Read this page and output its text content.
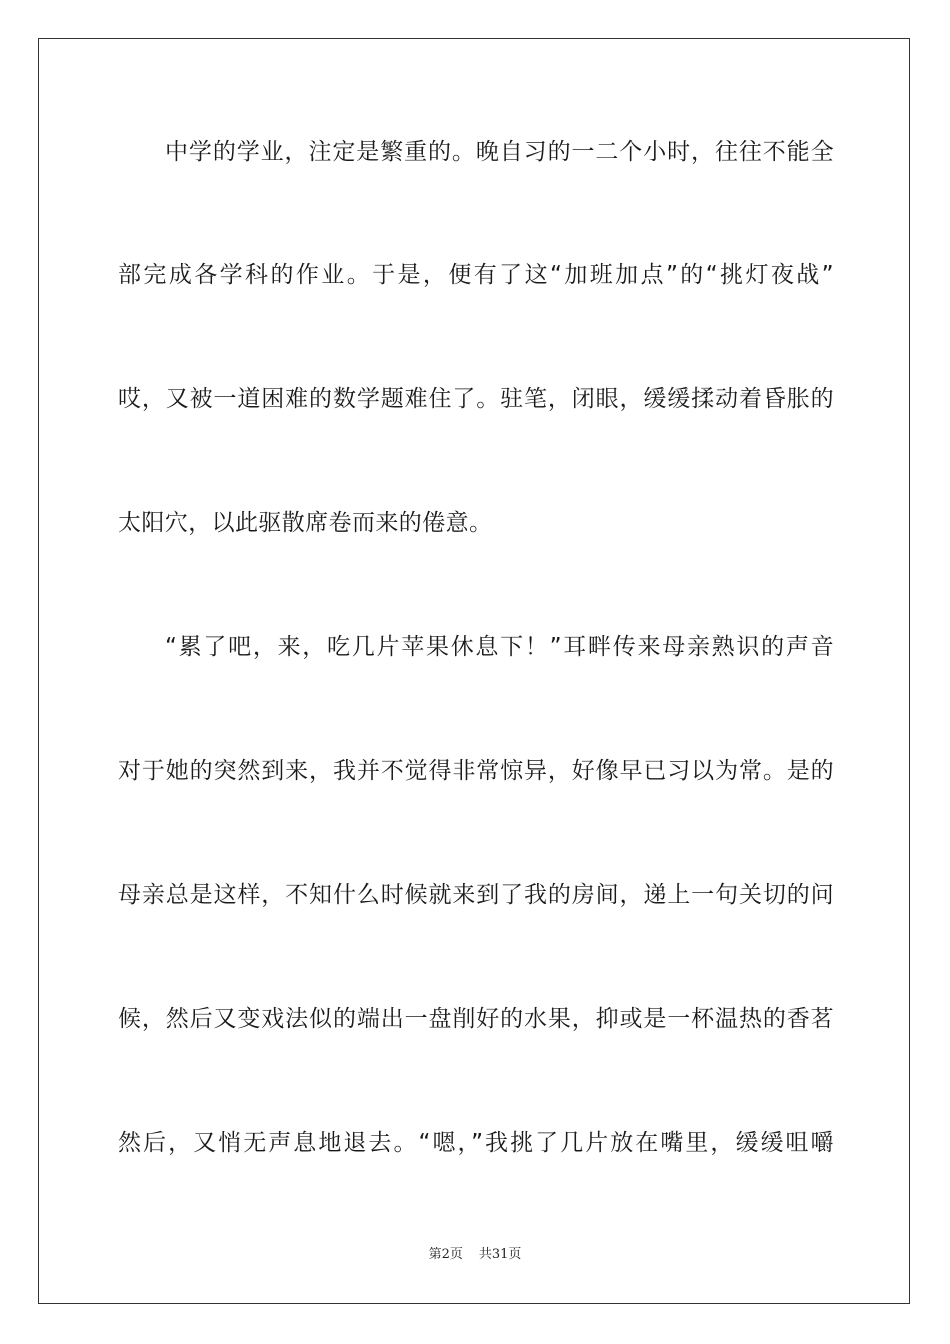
中学的学业，注定是繁重的。晚自习的一二个小时，往往不能全
部完成各学科的作业。于是，便有了这“加班加点”的“挑灯夜战”
哎，又被一道困难的数学题难住了。驻笔，闭眼，缓缓揉动着昏胀的
太阳穴，以此驱散席卷而来的倦意。
“累了吧，来，吃几片苹果休息下！”耳畔传来母亲熟识的声音
对于她的突然到来，我并不觉得非常惊异，好像早已习以为常。是的
母亲总是这样，不知什么时候就来到了我的房间，递上一句关切的问
候，然后又变戏法似的端出一盘削好的水果，抑或是一杯温热的香茗
然后，又悄无声息地退去。“嗯，”我挑了几片放在嘴里，缓缓咀嚼
第2页 共31页
